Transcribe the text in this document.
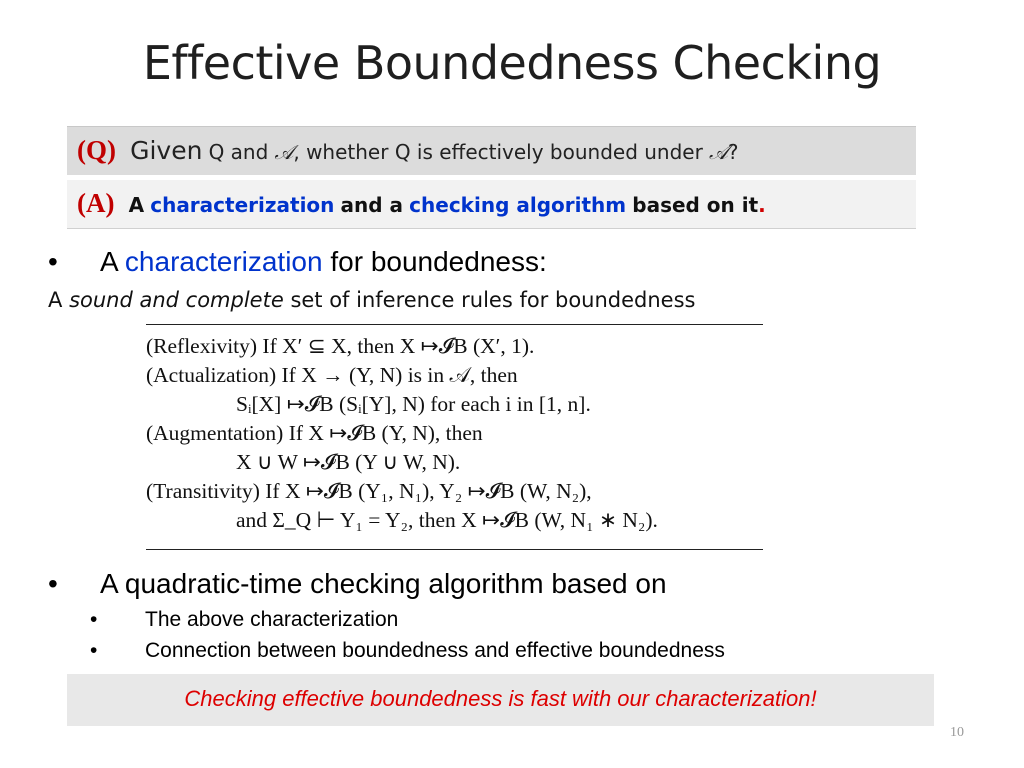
Effective Boundedness Checking
(Q) Given Q and 𝒜, whether Q is effectively bounded under 𝒜?
(A) A characterization and a checking algorithm based on it.
• A characterization for boundedness:
A sound and complete set of inference rules for boundedness
(Reflexivity) If X′ ⊆ X, then X ↦𝓘B (X′, 1).
(Actualization) If X → (Y, N) is in 𝒜, then
Sᵢ[X] ↦𝓘B (Sᵢ[Y], N) for each i in [1, n].
(Augmentation) If X ↦𝓘B (Y, N), then
X ∪ W ↦𝓘B (Y ∪ W, N).
(Transitivity) If X ↦𝓘B (Y₁, N₁), Y₂ ↦𝓘B (W, N₂),
and Σ_Q ⊢ Y₁ = Y₂, then X ↦𝓘B (W, N₁ ∗ N₂).
• A quadratic-time checking algorithm based on
• The above characterization
• Connection between boundedness and effective boundedness
Checking effective boundedness is fast with our characterization!
10
